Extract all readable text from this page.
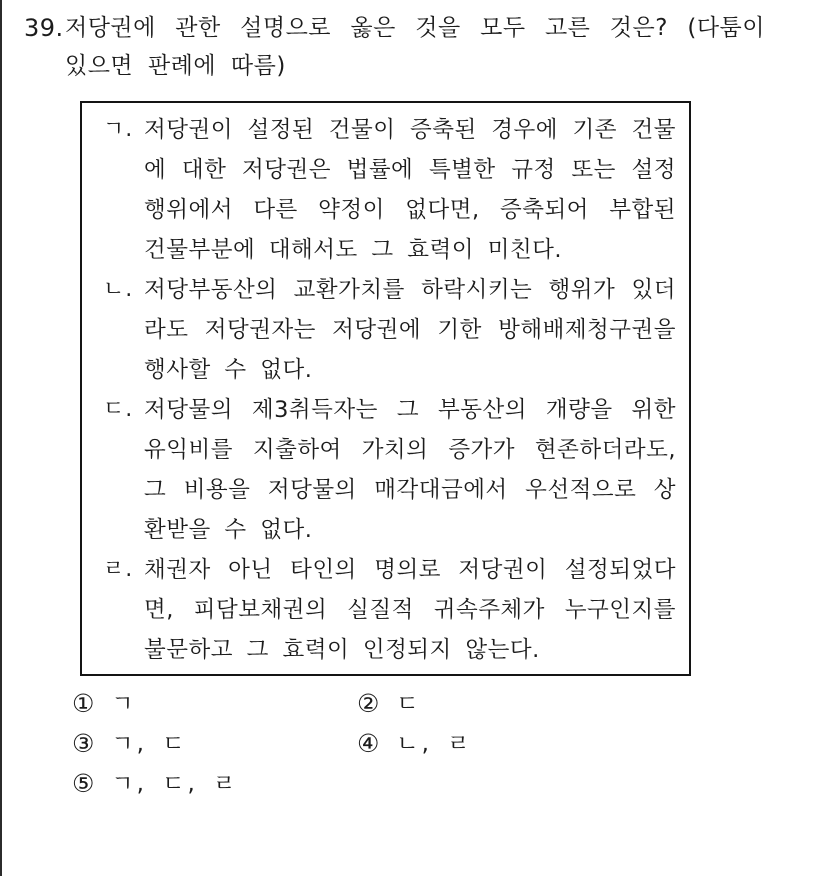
39. 저당권에 관한 설명으로 옳은 것을 모두 고른 것은? (다툼이 있으면 판례에 따름)
ㄱ. 저당권이 설정된 건물이 증축된 경우에 기존 건물에 대한 저당권은 법률에 특별한 규정 또는 설정행위에서 다른 약정이 없다면, 증축되어 부합된 건물부분에 대해서도 그 효력이 미친다.
ㄴ. 저당부동산의 교환가치를 하락시키는 행위가 있더라도 저당권자는 저당권에 기한 방해배제청구권을 행사할 수 없다.
ㄷ. 저당물의 제3취득자는 그 부동산의 개량을 위한 유익비를 지출하여 가치의 증가가 현존하더라도, 그 비용을 저당물의 매각대금에서 우선적으로 상환받을 수 없다.
ㄹ. 채권자 아닌 타인의 명의로 저당권이 설정되었다면, 피담보채권의 실질적 귀속주체가 누구인지를 불문하고 그 효력이 인정되지 않는다.
① ㄱ	② ㄷ
③ ㄱ, ㄷ	④ ㄴ, ㄹ
⑤ ㄱ, ㄷ, ㄹ
